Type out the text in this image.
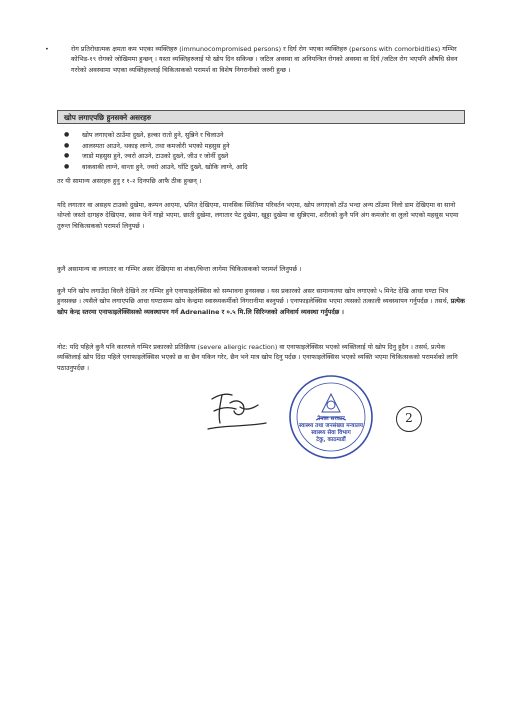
•	रोग प्रतिरोधात्मक क्षमता कम भएका व्यक्तिहरु (immunocompromised persons) र दिर्घ रोग भएका व्यक्तिहरु (persons with comorbidities) गम्भिर कोभिड-१९ रोगको जोखिममा हुन्छन् । यस्ता व्यक्तिहरुलाई यो खोप दिन सकिन्छ । जटिल अवस्था वा अनियन्त्रित रोगको अवस्था वा दिर्घ /जटिल रोग भएपनि औषधि सेवन गररेको अवस्थामा भएका व्यक्तिहरुलाई चिकित्सकको परामर्श वा विशेष निगरानीको जरुरी हुन्छ ।
खोप लगाएपछि हुनसक्ने असरहरु
● खोप लगाएको ठाउँमा दुख्ने, हल्का रातो हुने, सुन्निने र चिलाउने
● आलस्यता आउने, थकाइ लाग्ने, तथा कमजोरी भएको महसुस हुने
● जाडो महसुस हुने, ज्वरो आउने, टाउको दुख्ने, जीउ र जोर्नी दुख्ने
● वाकवाकी लाग्ने, वान्ता हुने, ज्वरो आउने, घाँटि दुख्ने, खोकि लाग्ने, आदि

तर यी सामान्य असरहरु हुनु र १-२ दिनपछि आफै ठीक हुन्छन् ।

यदि लगातार वा असहय टाउको दुखेमा, कम्पन आएमा, भ्रमित देखिएमा, मानसिक स्थितिमा परिवर्तन भएमा, खोप लगाएको ठाँउ भन्दा अन्य ठाँउमा निलो डाम देखिएमा वा सानो थोप्लो जस्तो दागहरु देखिएमा, स्वास फेर्ने गाह्रो भएमा, छाती दुखेमा, लगातार पेट दुखेमा, खुट्टा दुखेमा वा सुन्निएमा, शरीरको कुनै पनि अंग कमजोर वा लुलो भएको महसुस भएमा तुरुन्त चिकित्सकको परामर्श लिनुपर्छ ।

कुनै असामान्य वा लगातार वा गम्भिर असर देखिएमा वा शंका/चिन्ता लागेमा चिकित्सकको परामर्श लिनुपर्छ ।

कुनै पनि खोप लगाउँदा विरलै देखिने तर गम्भिर हुने एनाफाइलेक्सिस को सम्भावना हुनसक्छ । यस प्रकारको असर सामान्यतया खोप लगाएको ५ मिनेट देखि आधा घण्टा भित्र हुनसक्छ । त्यसैले खोप लगाएपछि आधा घण्टासम्म खोप केन्द्रमा स्वास्थ्यकर्मीको निगरानीमा बस्नुपर्छ । एनाफाइलेक्सिस भएमा त्यसको तत्काली व्यवस्थापन गर्नुपर्दछ । तसर्थ, प्रत्येक खोप केन्द्र स्तरमा एनाफाइलेक्सिसको व्यवस्थापन गर्न Adrenaline र ०.५ मि.लि सिरिन्जको अनिवार्य व्यवस्था गर्नुपर्दछ ।

नोट: यदि पहिले कुनै पनि कारणले गम्भिर प्रकारको प्रतिक्रिया (severe allergic reaction) वा एनाफाइलेक्सिस भएको व्यक्तिलाई यो खोप दिनु हुदैन । तसर्थ, प्रत्येक व्यक्तिलाई खोप दिंदा पहिले एनाफाइलेक्सिस भएको छ वा छैन यकिन गरेर, छैन भने मात्र खोप दिनु पर्दछ । एनाफाइलेक्सिस भएको व्यक्ति भएमा चिकित्सकको परामर्शको लागि पठाउनुपर्दछ ।

नेपाल सरकार
स्वास्थ्य तथा जनसंख्या मन्त्रालय
स्वास्थ्य सेवा विभाग
टेकु, काठमाडौं
2
